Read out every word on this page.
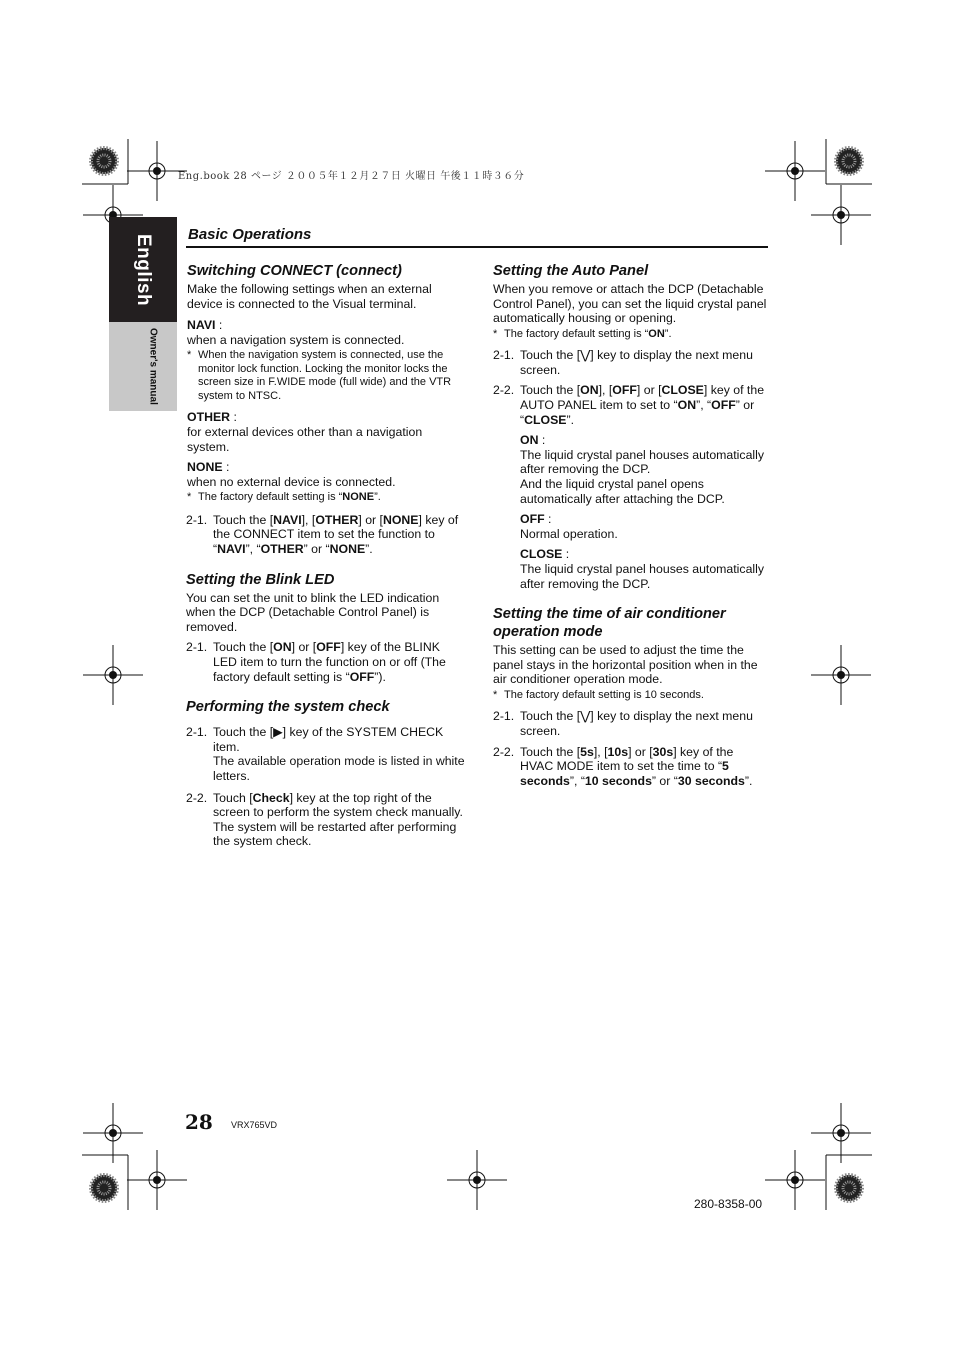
Eng.book 28 ページ ２００５年１２月２７日 火曜日 午後１１時３６分
English
Owner's manual
Basic Operations
Switching CONNECT (connect)

Make the following settings when an external device is connected to the Visual terminal.

NAVI :

when a navigation system is connected.

* When the navigation system is connected, use the monitor lock function. Locking the monitor locks the screen size in F.WIDE mode (full wide) and the VTR system to NTSC.

OTHER :

for external devices other than a navigation system.

NONE :

when no external device is connected.

* The factory default setting is “NONE”.
2-1. Touch the [NAVI], [OTHER] or [NONE] key of the CONNECT item to set the function to “NAVI”, “OTHER” or “NONE”.
Setting the Blink LED

You can set the unit to blink the LED indication when the DCP (Detachable Control Panel) is removed.

2-1. Touch the [ON] or [OFF] key of the BLINK LED item to turn the function on or off (The factory default setting is “OFF”).
Performing the system check
2-1. Touch the [▶] key of the SYSTEM CHECK item.
The available operation mode is listed in white letters.
2-2. Touch [Check] key at the top right of the screen to perform the system check manually.
The system will be restarted after performing the system check.
Setting the Auto Panel

When you remove or attach the DCP (Detachable Control Panel), you can set the liquid crystal panel automatically housing or opening.

* The factory default setting is “ON”.
2-1. Touch the [⋁] key to display the next menu screen.
2-2. Touch the [ON], [OFF] or [CLOSE] key of the AUTO PANEL item to set to “ON”, “OFF” or “CLOSE”.

ON :

The liquid crystal panel houses automatically after removing the DCP.

And the liquid crystal panel opens automatically after attaching the DCP.

OFF :

Normal operation.

CLOSE :

The liquid crystal panel houses automatically after removing the DCP.

Setting the time of air conditioner operation mode

This setting can be used to adjust the time the panel stays in the horizontal position when in the air conditioner operation mode.

* The factory default setting is 10 seconds.
2-1. Touch the [⋁] key to display the next menu screen.
2-2. Touch the [5s], [10s] or [30s] key of the HVAC MODE item to set the time to “5 seconds”, “10 seconds” or “30 seconds”.
28 VRX765VD
280-8358-00
